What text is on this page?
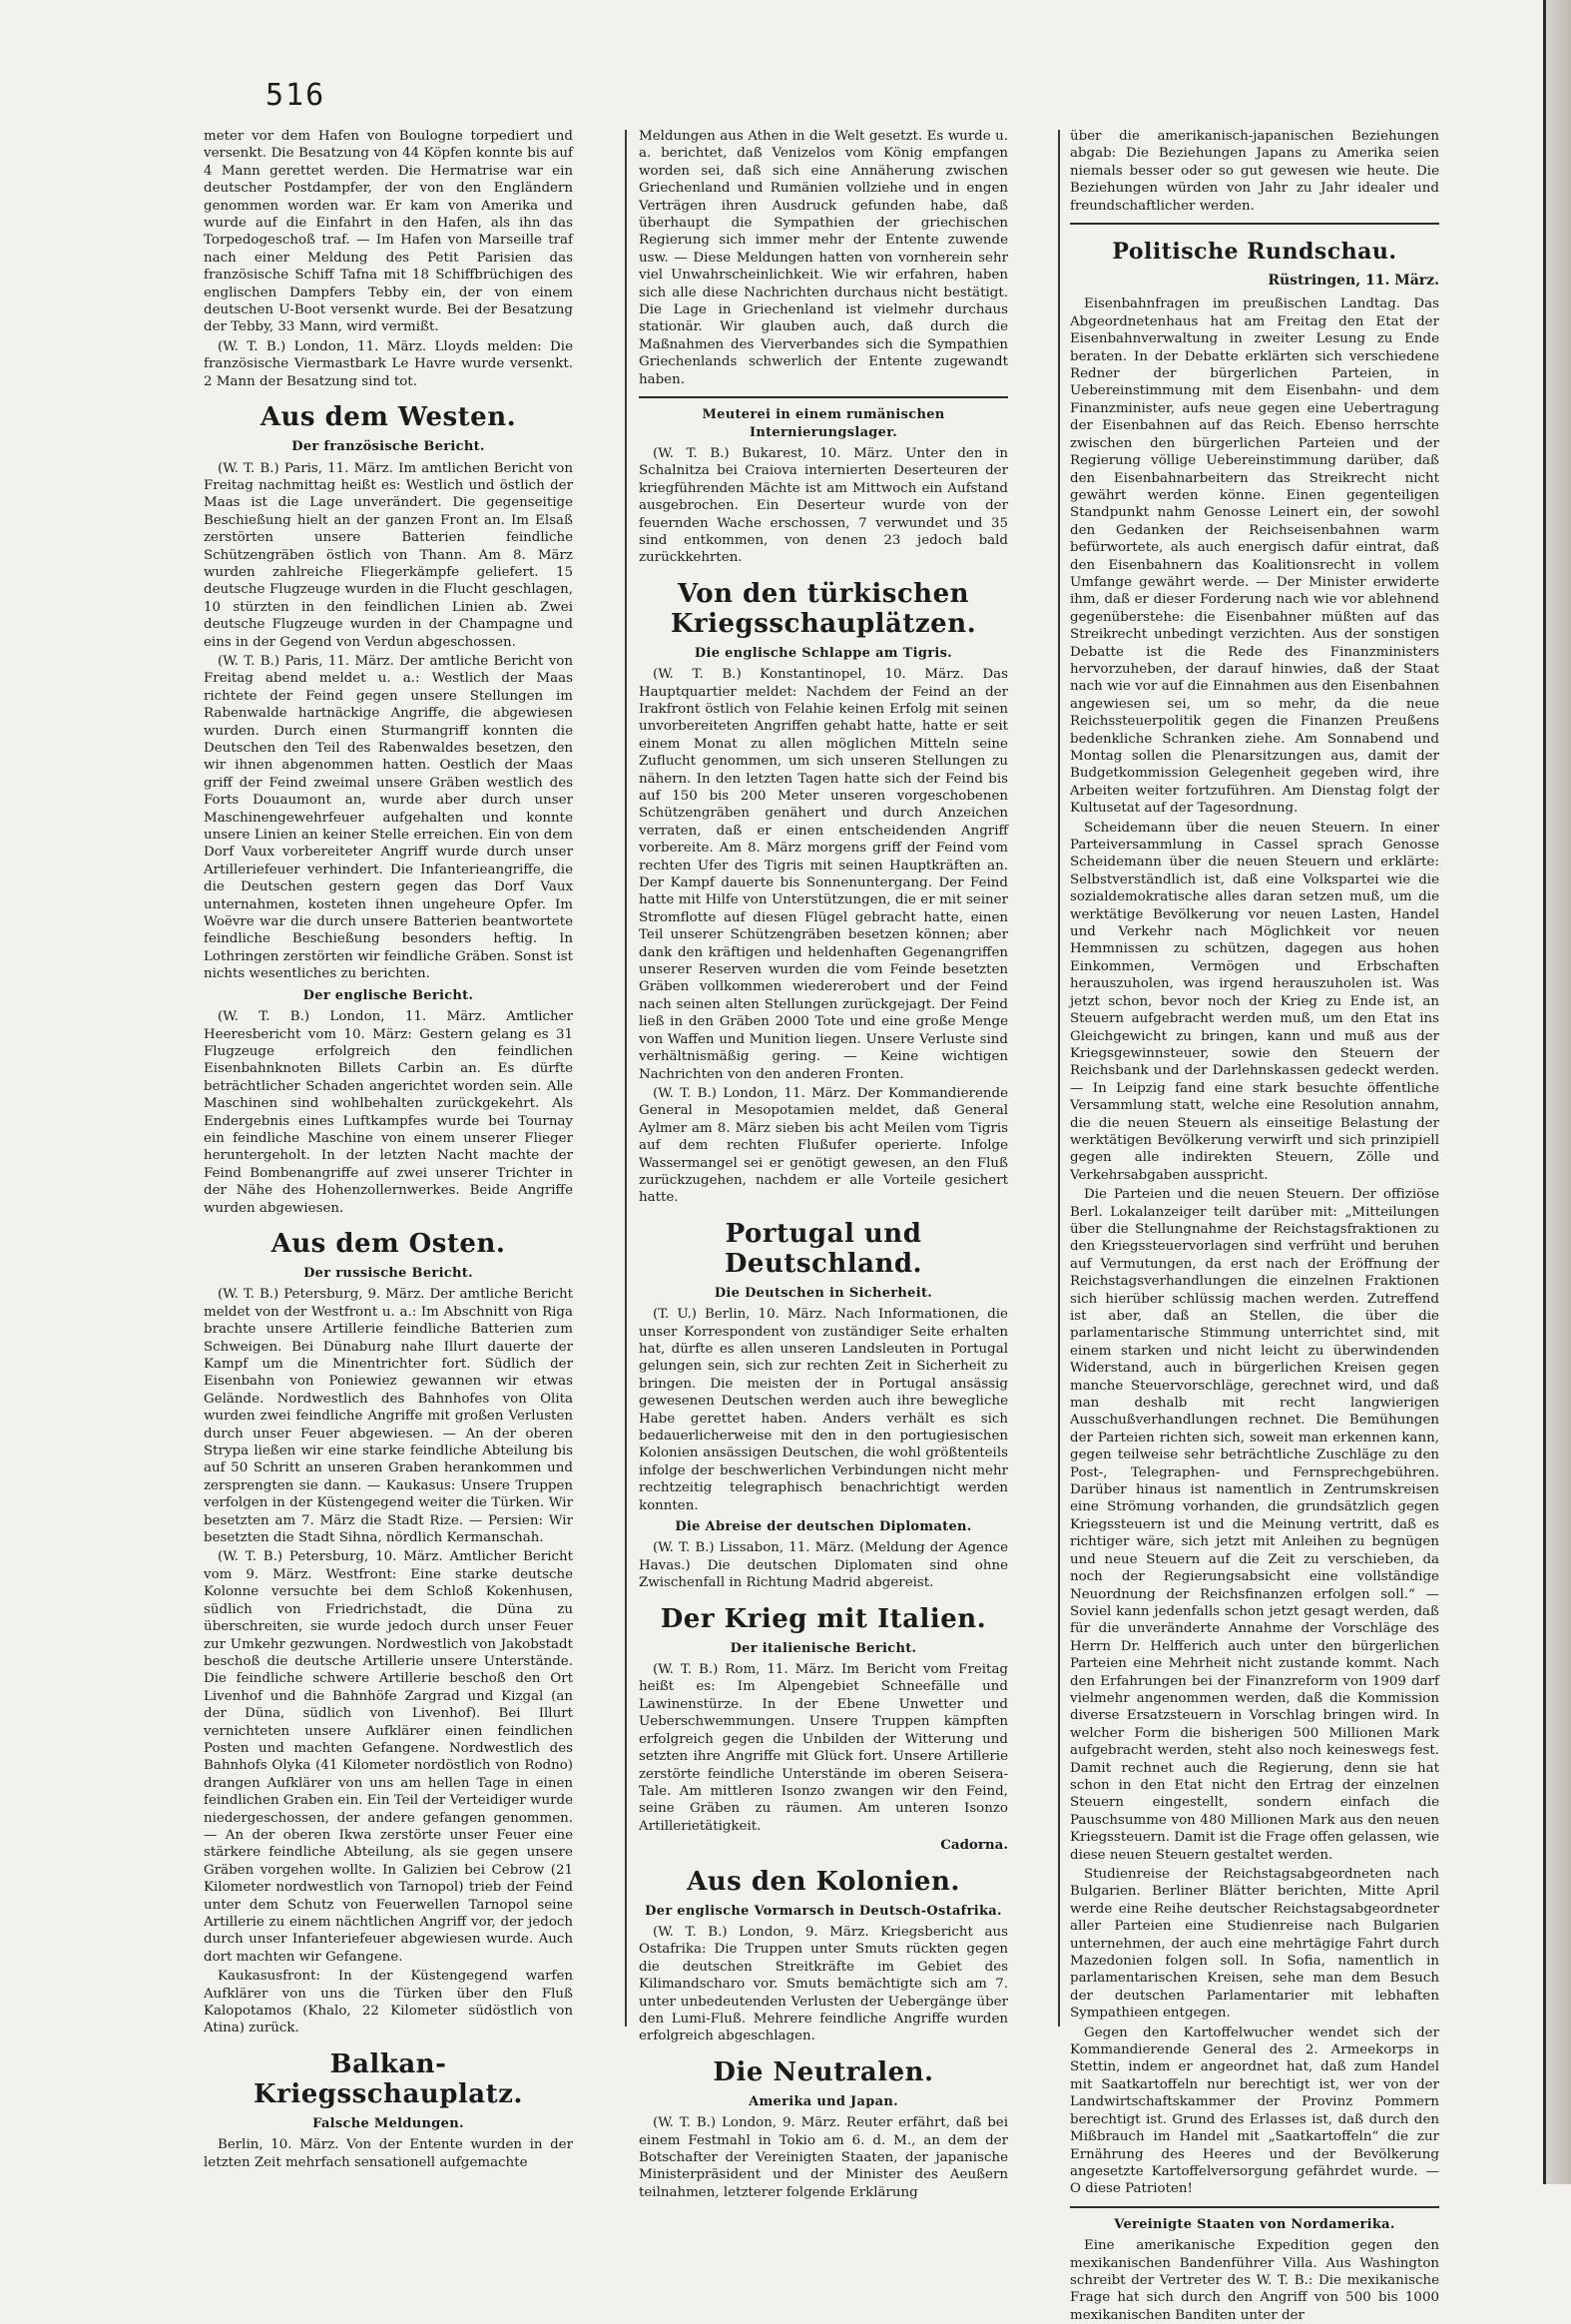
516

meter vor dem Hafen von Boulogne torpediert und versenkt. Die Besatzung von 44 Köpfen konnte bis auf 4 Mann gerettet werden. Die Hermatrise war ein deutscher Postdampfer, der von den Engländern genommen worden war. Er kam von Amerika und wurde auf die Einfahrt in den Hafen, als ihn das Torpedogeschoß traf. — Im Hafen von Marseille traf nach einer Meldung des Petit Parisien das französische Schiff Tafna mit 18 Schiffbrüchigen des englischen Dampfers Tebby ein, der von einem deutschen U-Boot versenkt wurde. Bei der Besatzung der Tebby, 33 Mann, wird vermißt.

(W. T. B.) London, 11. März. Lloyds melden: Die französische Viermastbark Le Havre wurde versenkt. 2 Mann der Besatzung sind tot.

Aus dem Westen.
Der französische Bericht.

(W. T. B.) Paris, 11. März. Im amtlichen Bericht von Freitag nachmittag heißt es: Westlich und östlich der Maas ist die Lage unverändert. Die gegenseitige Beschießung hielt an der ganzen Front an. Im Elsaß zerstörten unsere Batterien feindliche Schützengräben östlich von Thann. Am 8. März wurden zahlreiche Fliegerkämpfe geliefert. 15 deutsche Flugzeuge wurden in die Flucht geschlagen, 10 stürzten in den feindlichen Linien ab. Zwei deutsche Flugzeuge wurden in der Champagne und eins in der Gegend von Verdun abgeschossen.

(W. T. B.) Paris, 11. März. Der amtliche Bericht von Freitag abend meldet u. a.: Westlich der Maas richtete der Feind gegen unsere Stellungen im Rabenwalde hartnäckige Angriffe, die abgewiesen wurden. Durch einen Sturmangriff konnten die Deutschen den Teil des Rabenwaldes besetzen, den wir ihnen abgenommen hatten. Oestlich der Maas griff der Feind zweimal unsere Gräben westlich des Forts Douaumont an, wurde aber durch unser Maschinengewehrfeuer aufgehalten und konnte unsere Linien an keiner Stelle erreichen. Ein von dem Dorf Vaux vorbereiteter Angriff wurde durch unser Artilleriefeuer verhindert. Die Infanterieangriffe, die die Deutschen gestern gegen das Dorf Vaux unternahmen, kosteten ihnen ungeheure Opfer. Im Woëvre war die durch unsere Batterien beantwortete feindliche Beschießung besonders heftig. In Lothringen zerstörten wir feindliche Gräben. Sonst ist nichts wesentliches zu berichten.

Der englische Bericht.

(W. T. B.) London, 11. März. Amtlicher Heeresbericht vom 10. März: Gestern gelang es 31 Flugzeuge erfolgreich den feindlichen Eisenbahnknoten Billets Carbin an. Es dürfte beträchtlicher Schaden angerichtet worden sein. Alle Maschinen sind wohlbehalten zurückgekehrt. Als Endergebnis eines Luftkampfes wurde bei Tournay ein feindliche Maschine von einem unserer Flieger heruntergeholt. In der letzten Nacht machte der Feind Bombenangriffe auf zwei unserer Trichter in der Nähe des Hohenzollernwerkes. Beide Angriffe wurden abgewiesen.

Aus dem Osten.
Der russische Bericht.

(W. T. B.) Petersburg, 9. März. Der amtliche Bericht meldet von der Westfront u. a.: Im Abschnitt von Riga brachte unsere Artillerie feindliche Batterien zum Schweigen. Bei Dünaburg nahe Illurt dauerte der Kampf um die Minentrichter fort. Südlich der Eisenbahn von Poniewiez gewannen wir etwas Gelände. Nordwestlich des Bahnhofes von Olita wurden zwei feindliche Angriffe mit großen Verlusten durch unser Feuer abgewiesen. — An der oberen Strypa ließen wir eine starke feindliche Abteilung bis auf 50 Schritt an unseren Graben herankommen und zersprengten sie dann. — Kaukasus: Unsere Truppen verfolgen in der Küstengegend weiter die Türken. Wir besetzten am 7. März die Stadt Rize. — Persien: Wir besetzten die Stadt Sihna, nördlich Kermanschah.

(W. T. B.) Petersburg, 10. März. Amtlicher Bericht vom 9. März. Westfront: Eine starke deutsche Kolonne versuchte bei dem Schloß Kokenhusen, südlich von Friedrichstadt, die Düna zu überschreiten, sie wurde jedoch durch unser Feuer zur Umkehr gezwungen. Nordwestlich von Jakobstadt beschoß die deutsche Artillerie unsere Unterstände. Die feindliche schwere Artillerie beschoß den Ort Livenhof und die Bahnhöfe Zargrad und Kizgal (an der Düna, südlich von Livenhof). Bei Illurt vernichteten unsere Aufklärer einen feindlichen Posten und machten Gefangene. Nordwestlich des Bahnhofs Olyka (41 Kilometer nordöstlich von Rodno) drangen Aufklärer von uns am hellen Tage in einen feindlichen Graben ein. Ein Teil der Verteidiger wurde niedergeschossen, der andere gefangen genommen. — An der oberen Ikwa zerstörte unser Feuer eine stärkere feindliche Abteilung, als sie gegen unsere Gräben vorgehen wollte. In Galizien bei Cebrow (21 Kilometer nordwestlich von Tarnopol) trieb der Feind unter dem Schutz von Feuerwellen Tarnopol seine Artillerie zu einem nächtlichen Angriff vor, der jedoch durch unser Infanteriefeuer abgewiesen wurde. Auch dort machten wir Gefangene.

Kaukasusfront: In der Küstengegend warfen Aufklärer von uns die Türken über den Fluß Kalopotamos (Khalo, 22 Kilometer südöstlich von Atina) zurück.

Balkan-Kriegsschauplatz.
Falsche Meldungen.

Berlin, 10. März. Von der Entente wurden in der letzten Zeit mehrfach sensationell aufgemachte

Meldungen aus Athen in die Welt gesetzt. Es wurde u. a. berichtet, daß Venizelos vom König empfangen worden sei, daß sich eine Annäherung zwischen Griechenland und Rumänien vollziehe und in engen Verträgen ihren Ausdruck gefunden habe, daß überhaupt die Sympathien der griechischen Regierung sich immer mehr der Entente zuwende usw. — Diese Meldungen hatten von vornherein sehr viel Unwahrscheinlichkeit. Wie wir erfahren, haben sich alle diese Nachrichten durchaus nicht bestätigt. Die Lage in Griechenland ist vielmehr durchaus stationär. Wir glauben auch, daß durch die Maßnahmen des Vierverbandes sich die Sympathien Griechenlands schwerlich der Entente zugewandt haben.

Meuterei in einem rumänischen Internierungslager.

(W. T. B.) Bukarest, 10. März. Unter den in Schalnitza bei Craiova internierten Deserteuren der kriegführenden Mächte ist am Mittwoch ein Aufstand ausgebrochen. Ein Deserteur wurde von der feuernden Wache erschossen, 7 verwundet und 35 sind entkommen, von denen 23 jedoch bald zurückkehrten.

Von den türkischen Kriegsschauplätzen.
Die englische Schlappe am Tigris.

(W. T. B.) Konstantinopel, 10. März. Das Hauptquartier meldet: Nachdem der Feind an der Irakfront östlich von Felahie keinen Erfolg mit seinen unvorbereiteten Angriffen gehabt hatte, hatte er seit einem Monat zu allen möglichen Mitteln seine Zuflucht genommen, um sich unseren Stellungen zu nähern. In den letzten Tagen hatte sich der Feind bis auf 150 bis 200 Meter unseren vorgeschobenen Schützengräben genähert und durch Anzeichen verraten, daß er einen entscheidenden Angriff vorbereite. Am 8. März morgens griff der Feind vom rechten Ufer des Tigris mit seinen Hauptkräften an. Der Kampf dauerte bis Sonnenuntergang. Der Feind hatte mit Hilfe von Unterstützungen, die er mit seiner Stromflotte auf diesen Flügel gebracht hatte, einen Teil unserer Schützengräben besetzen können; aber dank den kräftigen und heldenhaften Gegenangriffen unserer Reserven wurden die vom Feinde besetzten Gräben vollkommen wiedererobert und der Feind nach seinen alten Stellungen zurückgejagt. Der Feind ließ in den Gräben 2000 Tote und eine große Menge von Waffen und Munition liegen. Unsere Verluste sind verhältnismäßig gering. — Keine wichtigen Nachrichten von den anderen Fronten.

(W. T. B.) London, 11. März. Der Kommandierende General in Mesopotamien meldet, daß General Aylmer am 8. März sieben bis acht Meilen vom Tigris auf dem rechten Flußufer operierte. Infolge Wassermangel sei er genötigt gewesen, an den Fluß zurückzugehen, nachdem er alle Vorteile gesichert hatte.

Portugal und Deutschland.
Die Deutschen in Sicherheit.

(T. U.) Berlin, 10. März. Nach Informationen, die unser Korrespondent von zuständiger Seite erhalten hat, dürfte es allen unseren Landsleuten in Portugal gelungen sein, sich zur rechten Zeit in Sicherheit zu bringen. Die meisten der in Portugal ansässig gewesenen Deutschen werden auch ihre bewegliche Habe gerettet haben. Anders verhält es sich bedauerlicherweise mit den in den portugiesischen Kolonien ansässigen Deutschen, die wohl größtenteils infolge der beschwerlichen Verbindungen nicht mehr rechtzeitig telegraphisch benachrichtigt werden konnten.

Die Abreise der deutschen Diplomaten.

(W. T. B.) Lissabon, 11. März. (Meldung der Agence Havas.) Die deutschen Diplomaten sind ohne Zwischenfall in Richtung Madrid abgereist.

Der Krieg mit Italien.
Der italienische Bericht.

(W. T. B.) Rom, 11. März. Im Bericht vom Freitag heißt es: Im Alpengebiet Schneefälle und Lawinenstürze. In der Ebene Unwetter und Ueberschwemmungen. Unsere Truppen kämpften erfolgreich gegen die Unbilden der Witterung und setzten ihre Angriffe mit Glück fort. Unsere Artillerie zerstörte feindliche Unterstände im oberen Seisera-Tale. Am mittleren Isonzo zwangen wir den Feind, seine Gräben zu räumen. Am unteren Isonzo Artillerietätigkeit.

Cadorna.
Aus den Kolonien.
Der englische Vormarsch in Deutsch-Ostafrika.

(W. T. B.) London, 9. März. Kriegsbericht aus Ostafrika: Die Truppen unter Smuts rückten gegen die deutschen Streitkräfte im Gebiet des Kilimandscharo vor. Smuts bemächtigte sich am 7. unter unbedeutenden Verlusten der Uebergänge über den Lumi-Fluß. Mehrere feindliche Angriffe wurden erfolgreich abgeschlagen.

Die Neutralen.
Amerika und Japan.

(W. T. B.) London, 9. März. Reuter erfährt, daß bei einem Festmahl in Tokio am 6. d. M., an dem der Botschafter der Vereinigten Staaten, der japanische Ministerpräsident und der Minister des Aeußern teilnahmen, letzterer folgende Erklärung

über die amerikanisch-japanischen Beziehungen abgab: Die Beziehungen Japans zu Amerika seien niemals besser oder so gut gewesen wie heute. Die Beziehungen würden von Jahr zu Jahr idealer und freundschaftlicher werden.

Politische Rundschau.
Rüstringen, 11. März.

Eisenbahnfragen im preußischen Landtag. Das Abgeordnetenhaus hat am Freitag den Etat der Eisenbahnverwaltung in zweiter Lesung zu Ende beraten. In der Debatte erklärten sich verschiedene Redner der bürgerlichen Parteien, in Uebereinstimmung mit dem Eisenbahn- und dem Finanzminister, aufs neue gegen eine Uebertragung der Eisenbahnen auf das Reich. Ebenso herrschte zwischen den bürgerlichen Parteien und der Regierung völlige Uebereinstimmung darüber, daß den Eisenbahnarbeitern das Streikrecht nicht gewährt werden könne. Einen gegenteiligen Standpunkt nahm Genosse Leinert ein, der sowohl den Gedanken der Reichseisenbahnen warm befürwortete, als auch energisch dafür eintrat, daß den Eisenbahnern das Koalitionsrecht in vollem Umfange gewährt werde. — Der Minister erwiderte ihm, daß er dieser Forderung nach wie vor ablehnend gegenüberstehe: die Eisenbahner müßten auf das Streikrecht unbedingt verzichten. Aus der sonstigen Debatte ist die Rede des Finanzministers hervorzuheben, der darauf hinwies, daß der Staat nach wie vor auf die Einnahmen aus den Eisenbahnen angewiesen sei, um so mehr, da die neue Reichssteuerpolitik gegen die Finanzen Preußens bedenkliche Schranken ziehe. Am Sonnabend und Montag sollen die Plenarsitzungen aus, damit der Budgetkommission Gelegenheit gegeben wird, ihre Arbeiten weiter fortzuführen. Am Dienstag folgt der Kultusetat auf der Tagesordnung.

Scheidemann über die neuen Steuern. In einer Parteiversammlung in Cassel sprach Genosse Scheidemann über die neuen Steuern und erklärte: Selbstverständlich ist, daß eine Volkspartei wie die sozialdemokratische alles daran setzen muß, um die werktätige Bevölkerung vor neuen Lasten, Handel und Verkehr nach Möglichkeit vor neuen Hemmnissen zu schützen, dagegen aus hohen Einkommen, Vermögen und Erbschaften herauszuholen, was irgend herauszuholen ist. Was jetzt schon, bevor noch der Krieg zu Ende ist, an Steuern aufgebracht werden muß, um den Etat ins Gleichgewicht zu bringen, kann und muß aus der Kriegsgewinnsteuer, sowie den Steuern der Reichsbank und der Darlehnskassen gedeckt werden. — In Leipzig fand eine stark besuchte öffentliche Versammlung statt, welche eine Resolution annahm, die die neuen Steuern als einseitige Belastung der werktätigen Bevölkerung verwirft und sich prinzipiell gegen alle indirekten Steuern, Zölle und Verkehrsabgaben ausspricht.

Die Parteien und die neuen Steuern. Der offiziöse Berl. Lokalanzeiger teilt darüber mit: „Mitteilungen über die Stellungnahme der Reichstagsfraktionen zu den Kriegssteuervorlagen sind verfrüht und beruhen auf Vermutungen, da erst nach der Eröffnung der Reichstagsverhandlungen die einzelnen Fraktionen sich hierüber schlüssig machen werden. Zutreffend ist aber, daß an Stellen, die über die parlamentarische Stimmung unterrichtet sind, mit einem starken und nicht leicht zu überwindenden Widerstand, auch in bürgerlichen Kreisen gegen manche Steuervorschläge, gerechnet wird, und daß man deshalb mit recht langwierigen Ausschußverhandlungen rechnet. Die Bemühungen der Parteien richten sich, soweit man erkennen kann, gegen teilweise sehr beträchtliche Zuschläge zu den Post-, Telegraphen- und Fernsprechgebühren. Darüber hinaus ist namentlich in Zentrumskreisen eine Strömung vorhanden, die grundsätzlich gegen Kriegssteuern ist und die Meinung vertritt, daß es richtiger wäre, sich jetzt mit Anleihen zu begnügen und neue Steuern auf die Zeit zu verschieben, da noch der Regierungsabsicht eine vollständige Neuordnung der Reichsfinanzen erfolgen soll.“ — Soviel kann jedenfalls schon jetzt gesagt werden, daß für die unveränderte Annahme der Vorschläge des Herrn Dr. Helfferich auch unter den bürgerlichen Parteien eine Mehrheit nicht zustande kommt. Nach den Erfahrungen bei der Finanzreform von 1909 darf vielmehr angenommen werden, daß die Kommission diverse Ersatzsteuern in Vorschlag bringen wird. In welcher Form die bisherigen 500 Millionen Mark aufgebracht werden, steht also noch keineswegs fest. Damit rechnet auch die Regierung, denn sie hat schon in den Etat nicht den Ertrag der einzelnen Steuern eingestellt, sondern einfach die Pauschsumme von 480 Millionen Mark aus den neuen Kriegssteuern. Damit ist die Frage offen gelassen, wie diese neuen Steuern gestaltet werden.

Studienreise der Reichstagsabgeordneten nach Bulgarien. Berliner Blätter berichten, Mitte April werde eine Reihe deutscher Reichstagsabgeordneter aller Parteien eine Studienreise nach Bulgarien unternehmen, der auch eine mehrtägige Fahrt durch Mazedonien folgen soll. In Sofia, namentlich in parlamentarischen Kreisen, sehe man dem Besuch der deutschen Parlamentarier mit lebhaften Sympathieen entgegen.

Gegen den Kartoffelwucher wendet sich der Kommandierende General des 2. Armeekorps in Stettin, indem er angeordnet hat, daß zum Handel mit Saatkartoffeln nur berechtigt ist, wer von der Landwirtschaftskammer der Provinz Pommern berechtigt ist. Grund des Erlasses ist, daß durch den Mißbrauch im Handel mit „Saatkartoffeln“ die zur Ernährung des Heeres und der Bevölkerung angesetzte Kartoffelversorgung gefährdet wurde. — O diese Patrioten!

Vereinigte Staaten von Nordamerika.

Eine amerikanische Expedition gegen den mexikanischen Bandenführer Villa. Aus Washington schreibt der Vertreter des W. T. B.: Die mexikanische Frage hat sich durch den Angriff von 500 bis 1000 mexikanischen Banditen unter der
